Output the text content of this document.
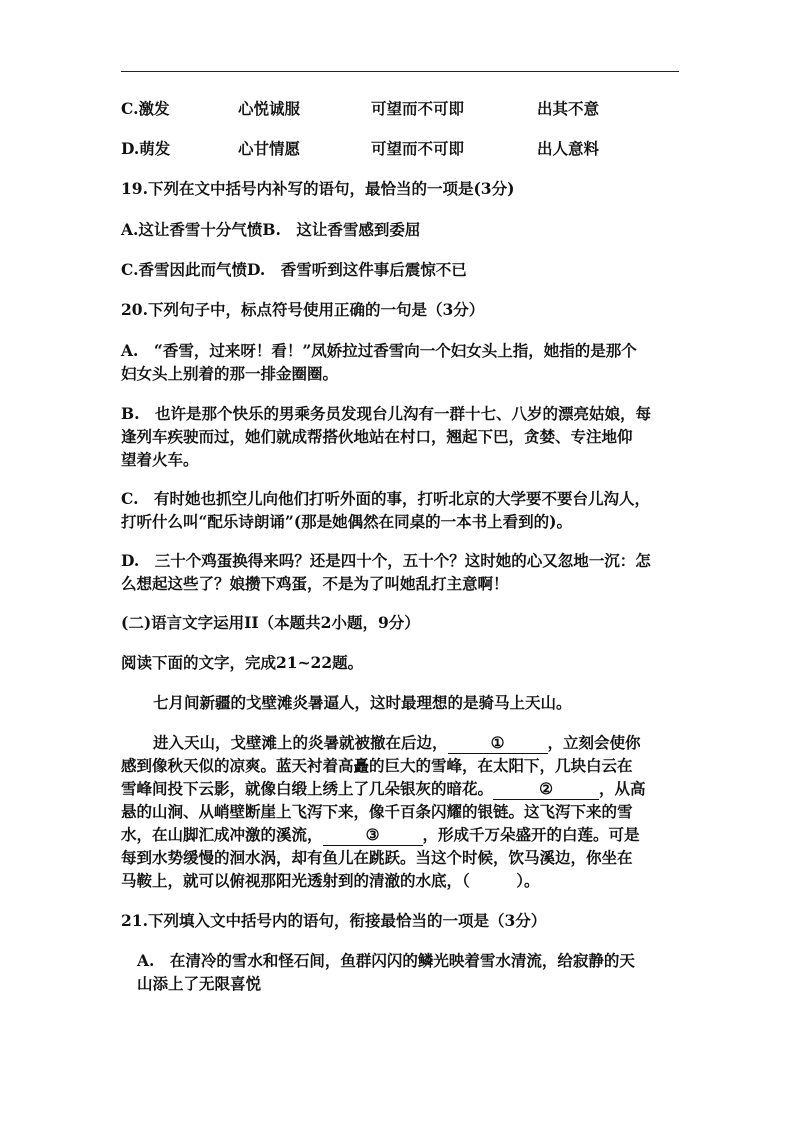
C.激发	心悦诚服	可望而不可即	出其不意
D.萌发	心甘情愿	可望而不可即	出人意料
19.下列在文中括号内补写的语句，最恰当的一项是(3分)
A.这让香雪十分气愤B.　这让香雪感到委屈
C.香雪因此而气愤D.　香雪听到这件事后震惊不已
20.下列句子中，标点符号使用正确的一句是（3分）
A.　“香雪，过来呀！看！”凤娇拉过香雪向一个妇女头上指，她指的是那个
妇女头上别着的那一排金圈圈。
B.　也许是那个快乐的男乘务员发现台儿沟有一群十七、八岁的漂亮姑娘，每
逢列车疾驶而过，她们就成帮搭伙地站在村口，翘起下巴，贪婪、专注地仰
望着火车。
C.　有时她也抓空儿向他们打听外面的事，打听北京的大学要不要台儿沟人，
打听什么叫“配乐诗朗诵”(那是她偶然在同桌的一本书上看到的)。
D.　三十个鸡蛋换得来吗？还是四十个，五十个？这时她的心又忽地一沉：怎
么想起这些了？娘攒下鸡蛋，不是为了叫她乱打主意啊！
(二)语言文字运用II（本题共2小题，9分）
阅读下面的文字，完成21~22题。
七月间新疆的戈壁滩炎暑逼人，这时最理想的是骑马上天山。
进入天山，戈壁滩上的炎暑就被撤在后边，	①	，立刻会使你
感到像秋天似的凉爽。蓝天衬着高矗的巨大的雪峰，在太阳下，几块白云在
雪峰间投下云影，就像白缎上绣上了几朵银灰的暗花。	②	，从高
悬的山涧、从峭壁断崖上飞泻下来，像千百条闪耀的银链。这飞泻下来的雪
水，在山脚汇成冲激的溪流，	③	，形成千万朵盛开的白莲。可是
每到水势缓慢的洄水涡，却有鱼儿在跳跃。当这个时候，饮马溪边，你坐在
马鞍上，就可以俯视那阳光透射到的清澈的水底，（　　　）。
21.下列填入文中括号内的语句，衔接最恰当的一项是（3分）
A.　在清冷的雪水和怪石间，鱼群闪闪的鳞光映着雪水清流，给寂静的天
山添上了无限喜悦
